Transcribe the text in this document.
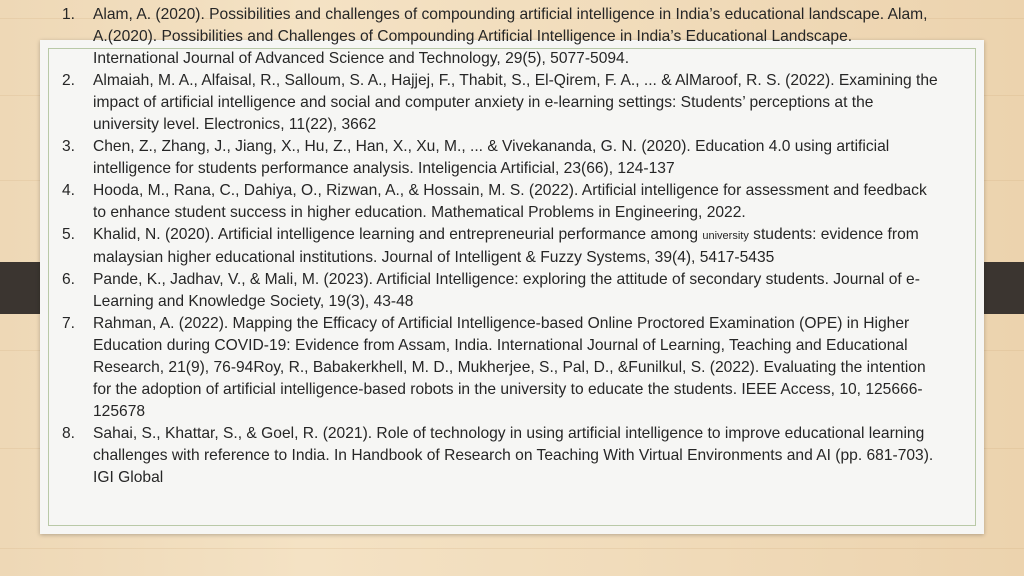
1. Alam, A. (2020). Possibilities and challenges of compounding artificial intelligence in India’s educational landscape. Alam, A.(2020). Possibilities and Challenges of Compounding Artificial Intelligence in India’s Educational Landscape. International Journal of Advanced Science and Technology, 29(5), 5077-5094.
2. Almaiah, M. A., Alfaisal, R., Salloum, S. A., Hajjej, F., Thabit, S., El-Qirem, F. A., ... & AlMaroof, R. S. (2022). Examining the impact of artificial intelligence and social and computer anxiety in e-learning settings: Students’ perceptions at the university level. Electronics, 11(22), 3662
3. Chen, Z., Zhang, J., Jiang, X., Hu, Z., Han, X., Xu, M., ... & Vivekananda, G. N. (2020). Education 4.0 using artificial intelligence for students performance analysis. Inteligencia Artificial, 23(66), 124-137
4. Hooda, M., Rana, C., Dahiya, O., Rizwan, A., & Hossain, M. S. (2022). Artificial intelligence for assessment and feedback to enhance student success in higher education. Mathematical Problems in Engineering, 2022.
5. Khalid, N. (2020). Artificial intelligence learning and entrepreneurial performance among university students: evidence from malaysian higher educational institutions. Journal of Intelligent & Fuzzy Systems, 39(4), 5417-5435
6. Pande, K., Jadhav, V., & Mali, M. (2023). Artificial Intelligence: exploring the attitude of secondary students. Journal of e-Learning and Knowledge Society, 19(3), 43-48
7. Rahman, A. (2022). Mapping the Efficacy of Artificial Intelligence-based Online Proctored Examination (OPE) in Higher Education during COVID-19: Evidence from Assam, India. International Journal of Learning, Teaching and Educational Research, 21(9), 76-94Roy, R., Babakerkhell, M. D., Mukherjee, S., Pal, D., &Funilkul, S. (2022). Evaluating the intention for the adoption of artificial intelligence-based robots in the university to educate the students. IEEE Access, 10, 125666-125678
8. Sahai, S., Khattar, S., & Goel, R. (2021). Role of technology in using artificial intelligence to improve educational learning challenges with reference to India. In Handbook of Research on Teaching With Virtual Environments and AI (pp. 681-703). IGI Global
